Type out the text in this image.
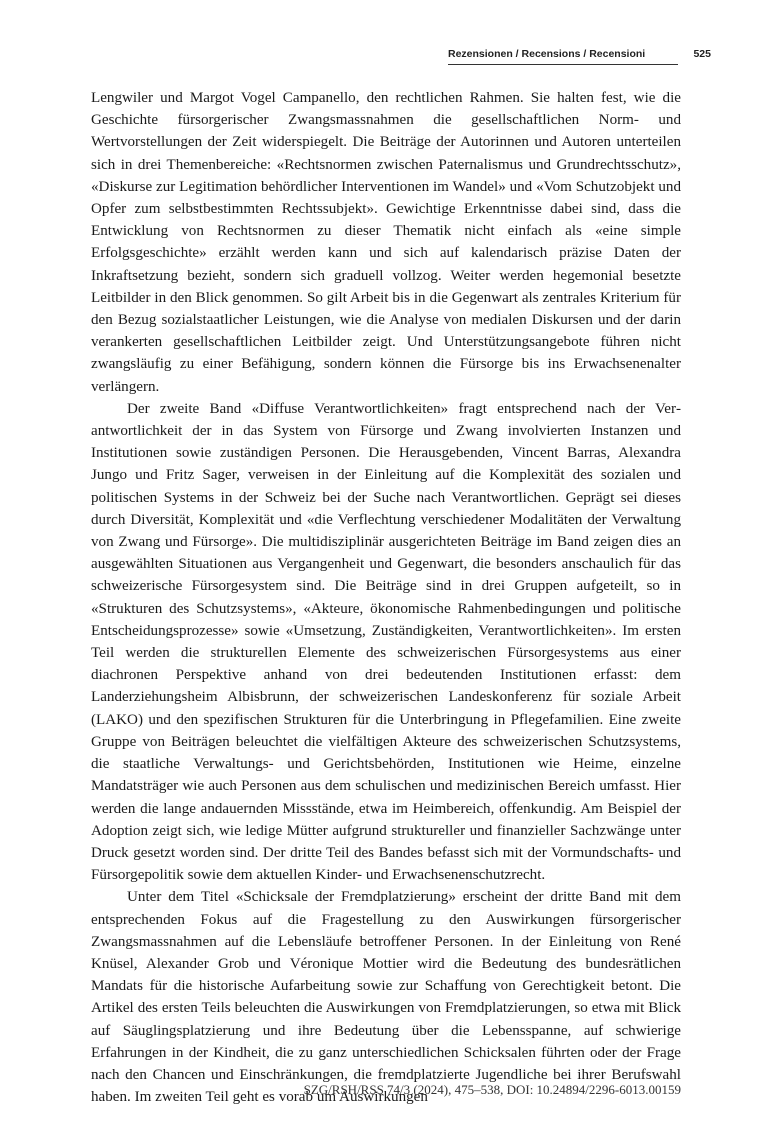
Rezensionen / Recensions / Recensioni	525

Lengwiler und Margot Vogel Campanello, den rechtlichen Rahmen. Sie halten fest, wie die Geschichte fürsorgerischer Zwangsmassnahmen die gesellschaftlichen Norm- und Wertvorstellungen der Zeit widerspiegelt. Die Beiträge der Autorinnen und Autoren unterteilen sich in drei Themenbereiche: «Rechtsnormen zwischen Paternalismus und Grundrechtsschutz», «Diskurse zur Legitimation behördlicher Interventionen im Wandel» und «Vom Schutzobjekt und Opfer zum selbstbestimmten Rechtssubjekt». Gewichtige Erkenntnisse dabei sind, dass die Entwicklung von Rechtsnormen zu dieser Thematik nicht einfach als «eine simple Erfolgsgeschichte» erzählt werden kann und sich auf kalendarisch präzise Daten der Inkraftsetzung bezieht, sondern sich graduell vollzog. Weiter werden hegemonial besetzte Leitbilder in den Blick genommen. So gilt Arbeit bis in die Gegenwart als zentrales Kriterium für den Bezug sozialstaatlicher Leistungen, wie die Analyse von medialen Diskursen und der darin verankerten gesellschaftlichen Leitbilder zeigt. Und Unterstützungsangebote führen nicht zwangsläufig zu einer Befähigung, sondern können die Fürsorge bis ins Erwachsenenalter verlängern.

Der zweite Band «Diffuse Verantwortlichkeiten» fragt entsprechend nach der Verantwortlichkeit der in das System von Fürsorge und Zwang involvierten Instanzen und Institutionen sowie zuständigen Personen. Die Herausgebenden, Vincent Barras, Alexandra Jungo und Fritz Sager, verweisen in der Einleitung auf die Komplexität des sozialen und politischen Systems in der Schweiz bei der Suche nach Verantwortlichen. Geprägt sei dieses durch Diversität, Komplexität und «die Verflechtung verschiedener Modalitäten der Verwaltung von Zwang und Fürsorge». Die multidisziplinär ausgerichteten Beiträge im Band zeigen dies an ausgewählten Situationen aus Vergangenheit und Gegenwart, die besonders anschaulich für das schweizerische Fürsorgesystem sind. Die Beiträge sind in drei Gruppen aufgeteilt, so in «Strukturen des Schutzsystems», «Akteure, ökonomische Rahmenbedingungen und politische Entscheidungsprozesse» sowie «Umsetzung, Zuständigkeiten, Verantwortlichkeiten». Im ersten Teil werden die strukturellen Elemente des schweizerischen Fürsorgesystems aus einer diachronen Perspektive anhand von drei bedeutenden Institutionen erfasst: dem Landerziehungsheim Albisbrunn, der schweizerischen Landeskonferenz für soziale Arbeit (LAKO) und den spezifischen Strukturen für die Unterbringung in Pflegefamilien. Eine zweite Gruppe von Beiträgen beleuchtet die vielfältigen Akteure des schweizerischen Schutzsystems, die staatliche Verwaltungs- und Gerichtsbehörden, Institutionen wie Heime, einzelne Mandatsträger wie auch Personen aus dem schulischen und medizinischen Bereich umfasst. Hier werden die lange andauernden Missstände, etwa im Heimbereich, offenkundig. Am Beispiel der Adoption zeigt sich, wie ledige Mütter aufgrund struktureller und finanzieller Sachzwänge unter Druck gesetzt worden sind. Der dritte Teil des Bandes befasst sich mit der Vormundschafts- und Fürsorgepolitik sowie dem aktuellen Kinder- und Erwachsenenschutzrecht.

Unter dem Titel «Schicksale der Fremdplatzierung» erscheint der dritte Band mit dem entsprechenden Fokus auf die Fragestellung zu den Auswirkungen fürsorgerischer Zwangsmassnahmen auf die Lebensläufe betroffener Personen. In der Einleitung von René Knüsel, Alexander Grob und Véronique Mottier wird die Bedeutung des bundesrätlichen Mandats für die historische Aufarbeitung sowie zur Schaffung von Gerechtigkeit betont. Die Artikel des ersten Teils beleuchten die Auswirkungen von Fremdplatzierungen, so etwa mit Blick auf Säuglingsplatzierung und ihre Bedeutung über die Lebensspanne, auf schwierige Erfahrungen in der Kindheit, die zu ganz unterschiedlichen Schicksalen führten oder der Frage nach den Chancen und Einschränkungen, die fremdplatzierte Jugendliche bei ihrer Berufswahl haben. Im zweiten Teil geht es vorab um Auswirkungen

SZG/RSH/RSS 74/3 (2024), 475–538, DOI: 10.24894/2296-6013.00159
